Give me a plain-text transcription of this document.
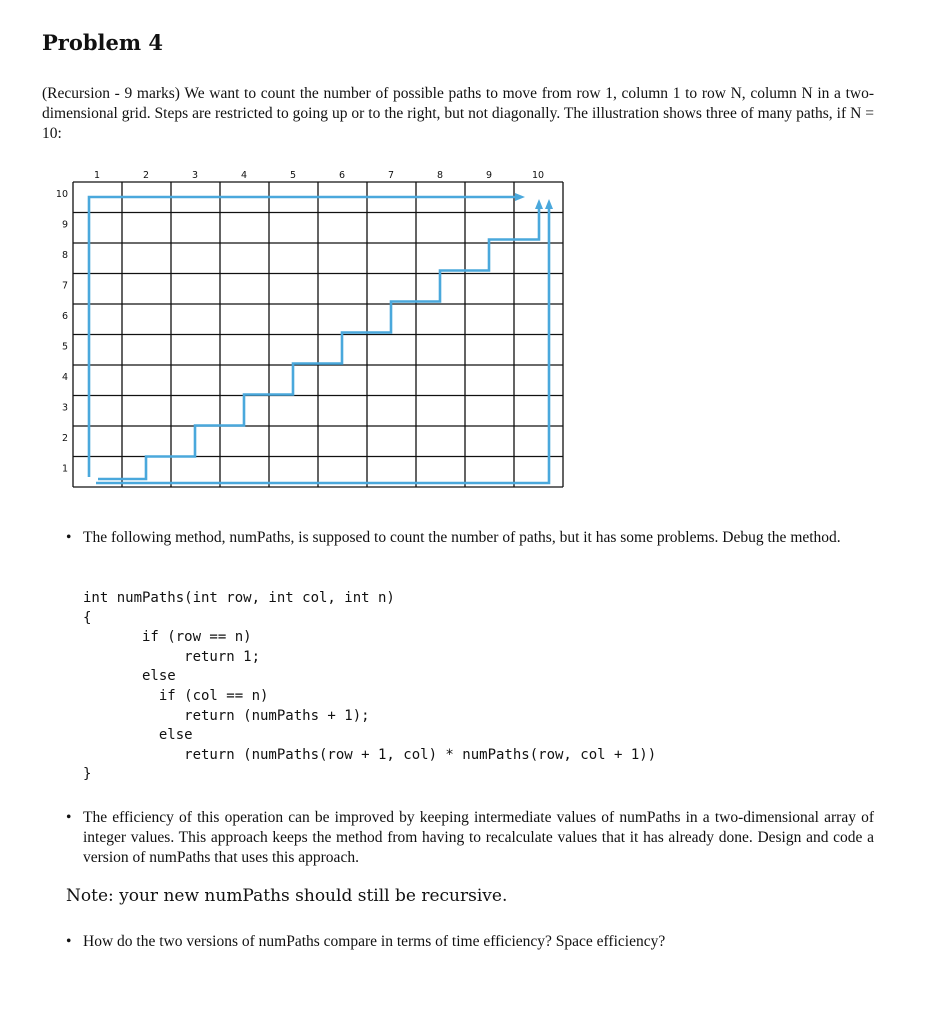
Problem 4
(Recursion - 9 marks) We want to count the number of possible paths to move from row 1, column 1 to row N, column N in a two-dimensional grid. Steps are restricted to going up or to the right, but not diagonally. The illustration shows three of many paths, if N = 10:
1	2	3	4	5	6	7	8	9	10
10
9
8
7
6
5
4
3
2
1
• The following method, numPaths, is supposed to count the number of paths, but it has some problems. Debug the method.
int numPaths(int row, int col, int n)
{
if (row == n)
return 1;
else
if (col == n)
return (numPaths + 1);
else
return (numPaths(row + 1, col) * numPaths(row, col + 1))
}
• The efficiency of this operation can be improved by keeping intermediate values of numPaths in a two-dimensional array of integer values. This approach keeps the method from having to recalculate values that it has already done. Design and code a version of numPaths that uses this approach.
Note: your new numPaths should still be recursive.
• How do the two versions of numPaths compare in terms of time efficiency? Space efficiency?
